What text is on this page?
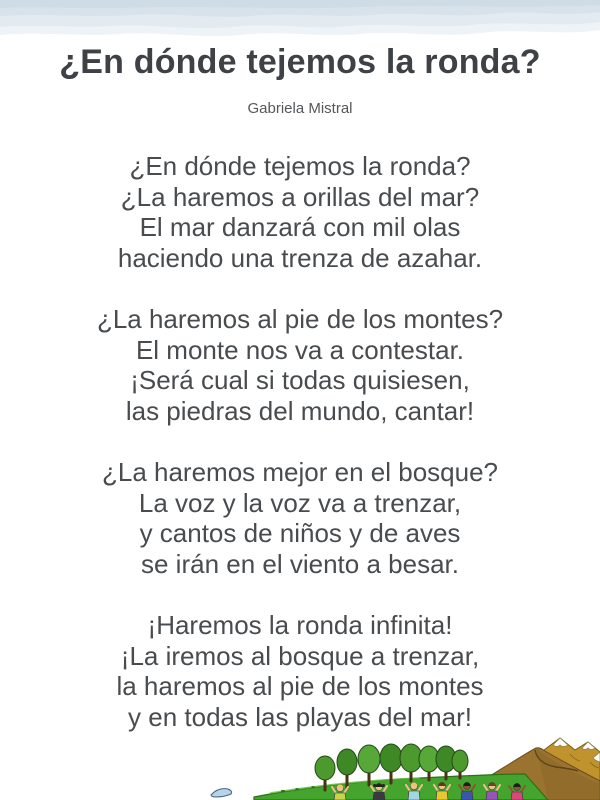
¿En dónde tejemos la ronda?

Gabriela Mistral

¿En dónde tejemos la ronda?
¿La haremos a orillas del mar?
El mar danzará con mil olas
haciendo una trenza de azahar.
¿La haremos al pie de los montes?
El monte nos va a contestar.
¡Será cual si todas quisiesen,
las piedras del mundo, cantar!
¿La haremos mejor en el bosque?
La voz y la voz va a trenzar,
y cantos de niños y de aves
se irán en el viento a besar.
¡Haremos la ronda infinita!
¡La iremos al bosque a trenzar,
la haremos al pie de los montes
y en todas las playas del mar!
